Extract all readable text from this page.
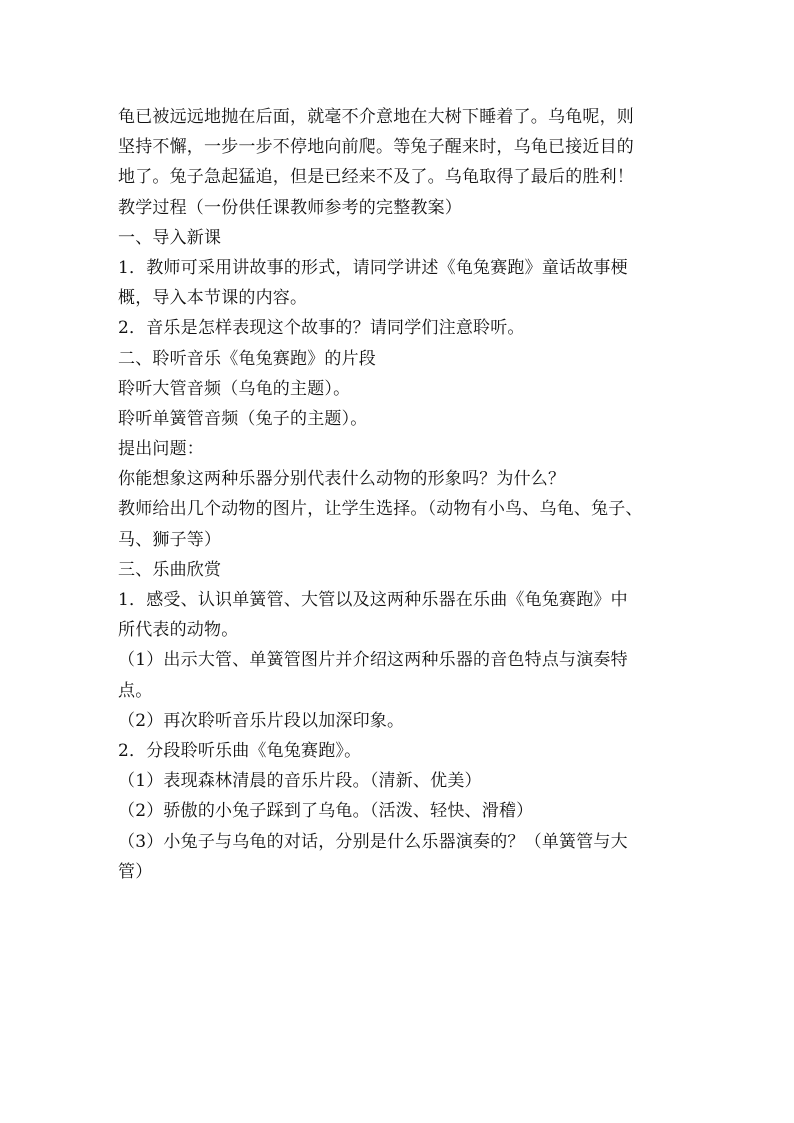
龟已被远远地抛在后面，就毫不介意地在大树下睡着了。乌龟呢，则
坚持不懈，一步一步不停地向前爬。等兔子醒来时，乌龟已接近目的
地了。兔子急起猛追，但是已经来不及了。乌龟取得了最后的胜利！
教学过程（一份供任课教师参考的完整教案）
一、导入新课
1．教师可采用讲故事的形式，请同学讲述《龟兔赛跑》童话故事梗
概，导入本节课的内容。
2．音乐是怎样表现这个故事的？请同学们注意聆听。
二、聆听音乐《龟兔赛跑》的片段
聆听大管音频（乌龟的主题）。
聆听单簧管音频（兔子的主题）。
提出问题：
你能想象这两种乐器分别代表什么动物的形象吗？为什么？
教师给出几个动物的图片，让学生选择。（动物有小鸟、乌龟、兔子、
马、狮子等）
三、乐曲欣赏
1．感受、认识单簧管、大管以及这两种乐器在乐曲《龟兔赛跑》中
所代表的动物。
（1）出示大管、单簧管图片并介绍这两种乐器的音色特点与演奏特
点。
（2）再次聆听音乐片段以加深印象。
2．分段聆听乐曲《龟兔赛跑》。
（1）表现森林清晨的音乐片段。（清新、优美）
（2）骄傲的小兔子踩到了乌龟。（活泼、轻快、滑稽）
（3）小兔子与乌龟的对话，分别是什么乐器演奏的？（单簧管与大
管）
